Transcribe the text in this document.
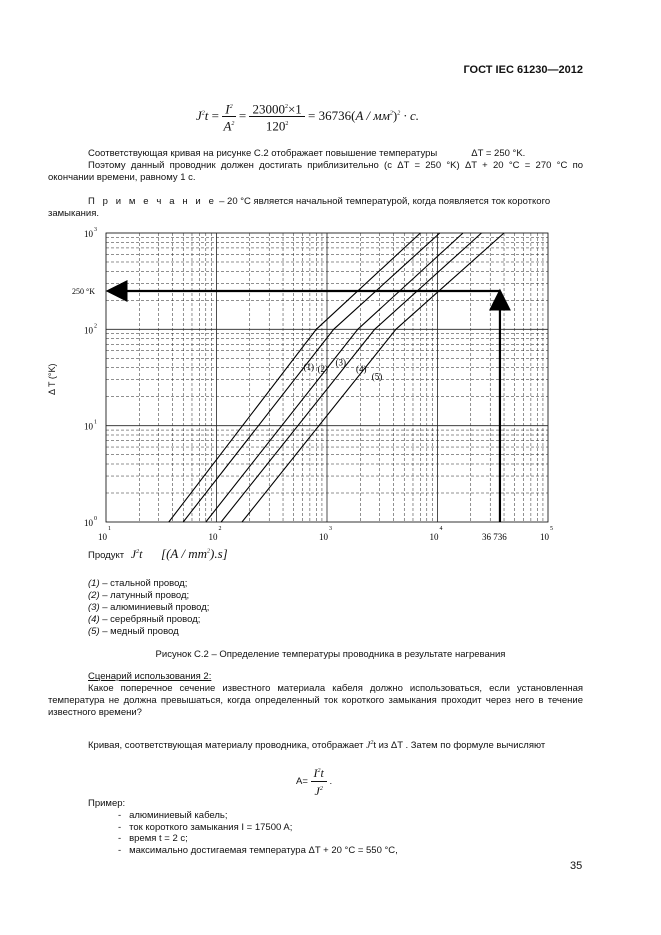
ГОСТ IEC 61230—2012
$J^2t = \frac{I^2}{A^2} = \frac{23000^2\times 1}{120^2} = 36736(A / мм^2)^2 \cdot с$.
Соответствующая кривая на рисунке С.2 отображает повышение температуры	ΔT = 250 °K.
Поэтому данный проводник должен достигать приблизительно (с ΔT = 250 °K) ΔT + 20 °C = 270 °C по окончании времени, равному 1 с.
П р и м е ч а н и е – 20 °C является начальной температурой, когда появляется ток короткого замыкания.
(1) (2)
(3)
(4)
(5)
10
1
10
2
10
3
10
4
10
5
10 0
10 1
10 2
10 3
250 °K
36 736
Δ T (°K)
Продукт $J^2t$ $[(A / mm^2).s]$
(1) – стальной провод;
(2) – латунный провод;
(3) – алюминиевый провод;
(4) – серебряный провод;
(5) – медный провод
Рисунок С.2 – Определение температуры проводника в результате нагревания
Сценарий использования 2:
Какое поперечное сечение известного материала кабеля должно использоваться, если установленная температура не должна превышаться, когда определенный ток короткого замыкания проходит через него в течение известного времени?
Кривая, соответствующая материалу проводника, отображает $J^2t$ из ΔT . Затем по формуле вычисляют
$A= \frac{I^2t}{J^2}$ .
Пример:
-   алюминиевый кабель;
-   ток короткого замыкания I = 17500 A;
-   время t = 2 с;
-   максимально достигаемая температура ΔT + 20 °C = 550 °C,
35
